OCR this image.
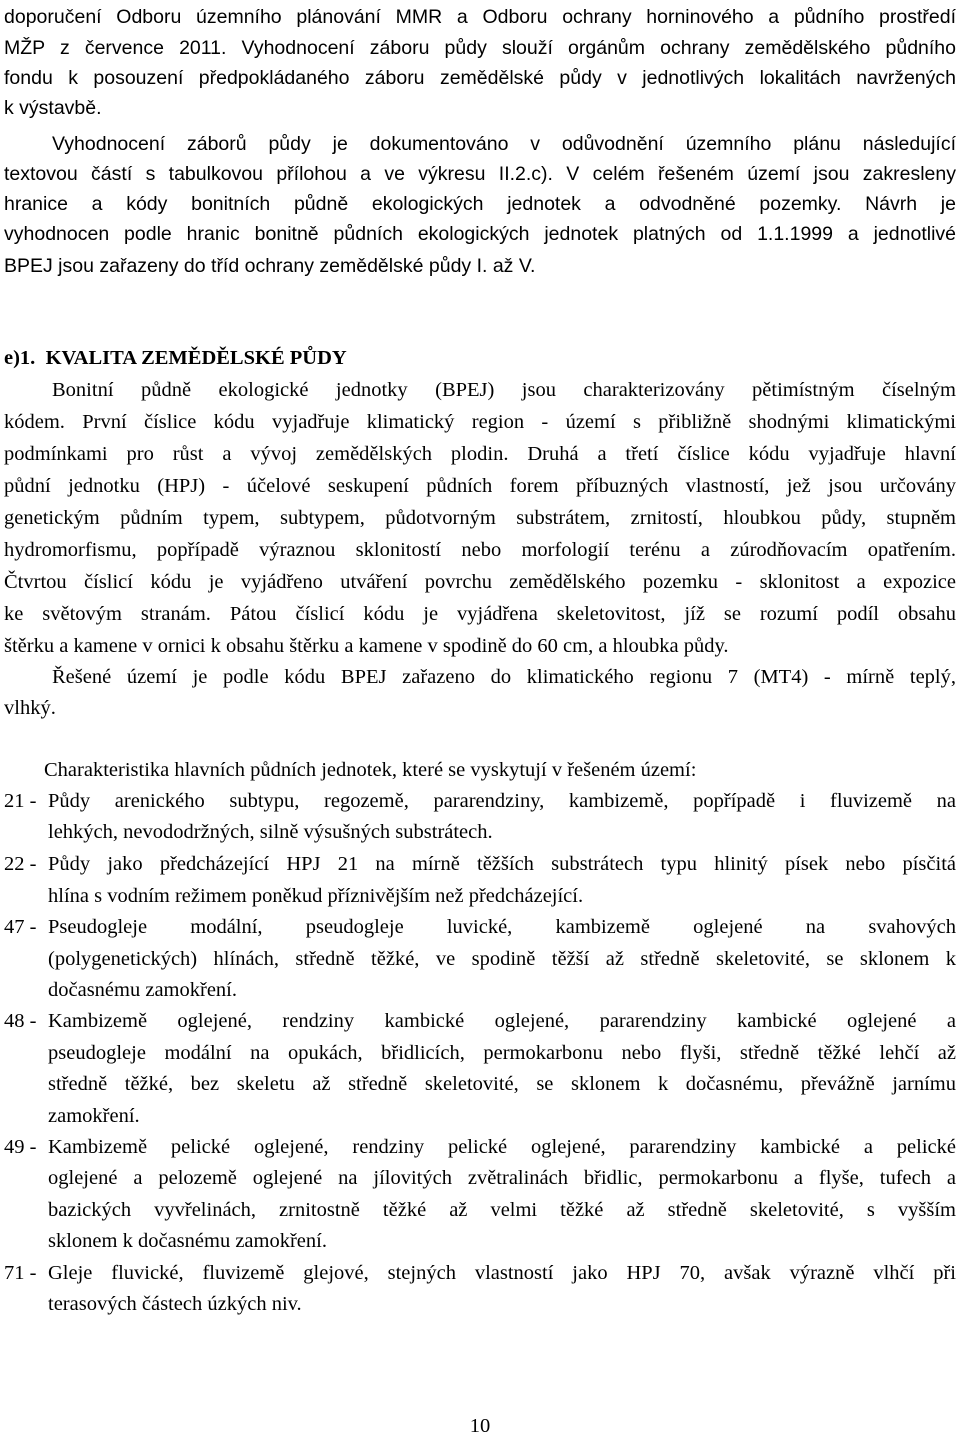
doporučení Odboru územního plánování MMR a Odboru ochrany horninového a půdního prostředí
MŽP z července 2011. Vyhodnocení záboru půdy slouží orgánům ochrany zemědělského půdního
fondu k posouzení předpokládaného záboru zemědělské půdy v jednotlivých lokalitách navržených
k výstavbě.
Vyhodnocení záborů půdy je dokumentováno v odůvodnění územního plánu následující
textovou částí s tabulkovou přílohou a ve výkresu II.2.c). V celém řešeném území jsou zakresleny
hranice a kódy bonitních půdně ekologických jednotek a odvodněné pozemky. Návrh je
vyhodnocen podle hranic bonitně půdních ekologických jednotek platných od 1.1.1999 a jednotlivé
BPEJ jsou zařazeny do tříd ochrany zemědělské půdy I. až V.
e)1. KVALITA ZEMĚDĚLSKÉ PŮDY
Bonitní půdně ekologické jednotky (BPEJ) jsou charakterizovány pětimístným číselným
kódem. První číslice kódu vyjadřuje klimatický region - území s přibližně shodnými klimatickými
podmínkami pro růst a vývoj zemědělských plodin. Druhá a třetí číslice kódu vyjadřuje hlavní
půdní jednotku (HPJ) - účelové seskupení půdních forem příbuzných vlastností, jež jsou určovány
genetickým půdním typem, subtypem, půdotvorným substrátem, zrnitostí, hloubkou půdy, stupněm
hydromorfismu, popřípadě výraznou sklonitostí nebo morfologií terénu a zúrodňovacím opatřením.
Čtvrtou číslicí kódu je vyjádřeno utváření povrchu zemědělského pozemku - sklonitost a expozice
ke světovým stranám. Pátou číslicí kódu je vyjádřena skeletovitost, jíž se rozumí podíl obsahu
štěrku a kamene v ornici k obsahu štěrku a kamene v spodině do 60 cm, a hloubka půdy.
Řešené území je podle kódu BPEJ zařazeno do klimatického regionu 7 (MT4) - mírně teplý,
vlhký.
Charakteristika hlavních půdních jednotek, které se vyskytují v řešeném území:
21 - Půdy arenického subtypu, regozemě, pararendziny, kambizemě, popřípadě i fluvizemě na
lehkých, nevododržných, silně výsušných substrátech.
22 - Půdy jako předcházející HPJ 21 na mírně těžších substrátech typu hlinitý písek nebo písčitá
hlína s vodním režimem poněkud příznivějším než předcházející.
47 - Pseudogleje modální, pseudogleje luvické, kambizemě oglejené na svahových
(polygenetických) hlínách, středně těžké, ve spodině těžší až středně skeletovité, se sklonem k
dočasnému zamokření.
48 - Kambizemě oglejené, rendziny kambické oglejené, pararendziny kambické oglejené a
pseudogleje modální na opukách, břidlicích, permokarbonu nebo flyši, středně těžké lehčí až
středně těžké, bez skeletu až středně skeletovité, se sklonem k dočasnému, převážně jarnímu
zamokření.
49 - Kambizemě pelické oglejené, rendziny pelické oglejené, pararendziny kambické a pelické
oglejené a pelozemě oglejené na jílovitých zvětralinách břidlic, permokarbonu a flyše, tufech a
bazických vyvřelinách, zrnitostně těžké až velmi těžké až středně skeletovité, s vyšším
sklonem k dočasnému zamokření.
71 - Gleje fluvické, fluvizemě glejové, stejných vlastností jako HPJ 70, avšak výrazně vlhčí při
terasových částech úzkých niv.
10
